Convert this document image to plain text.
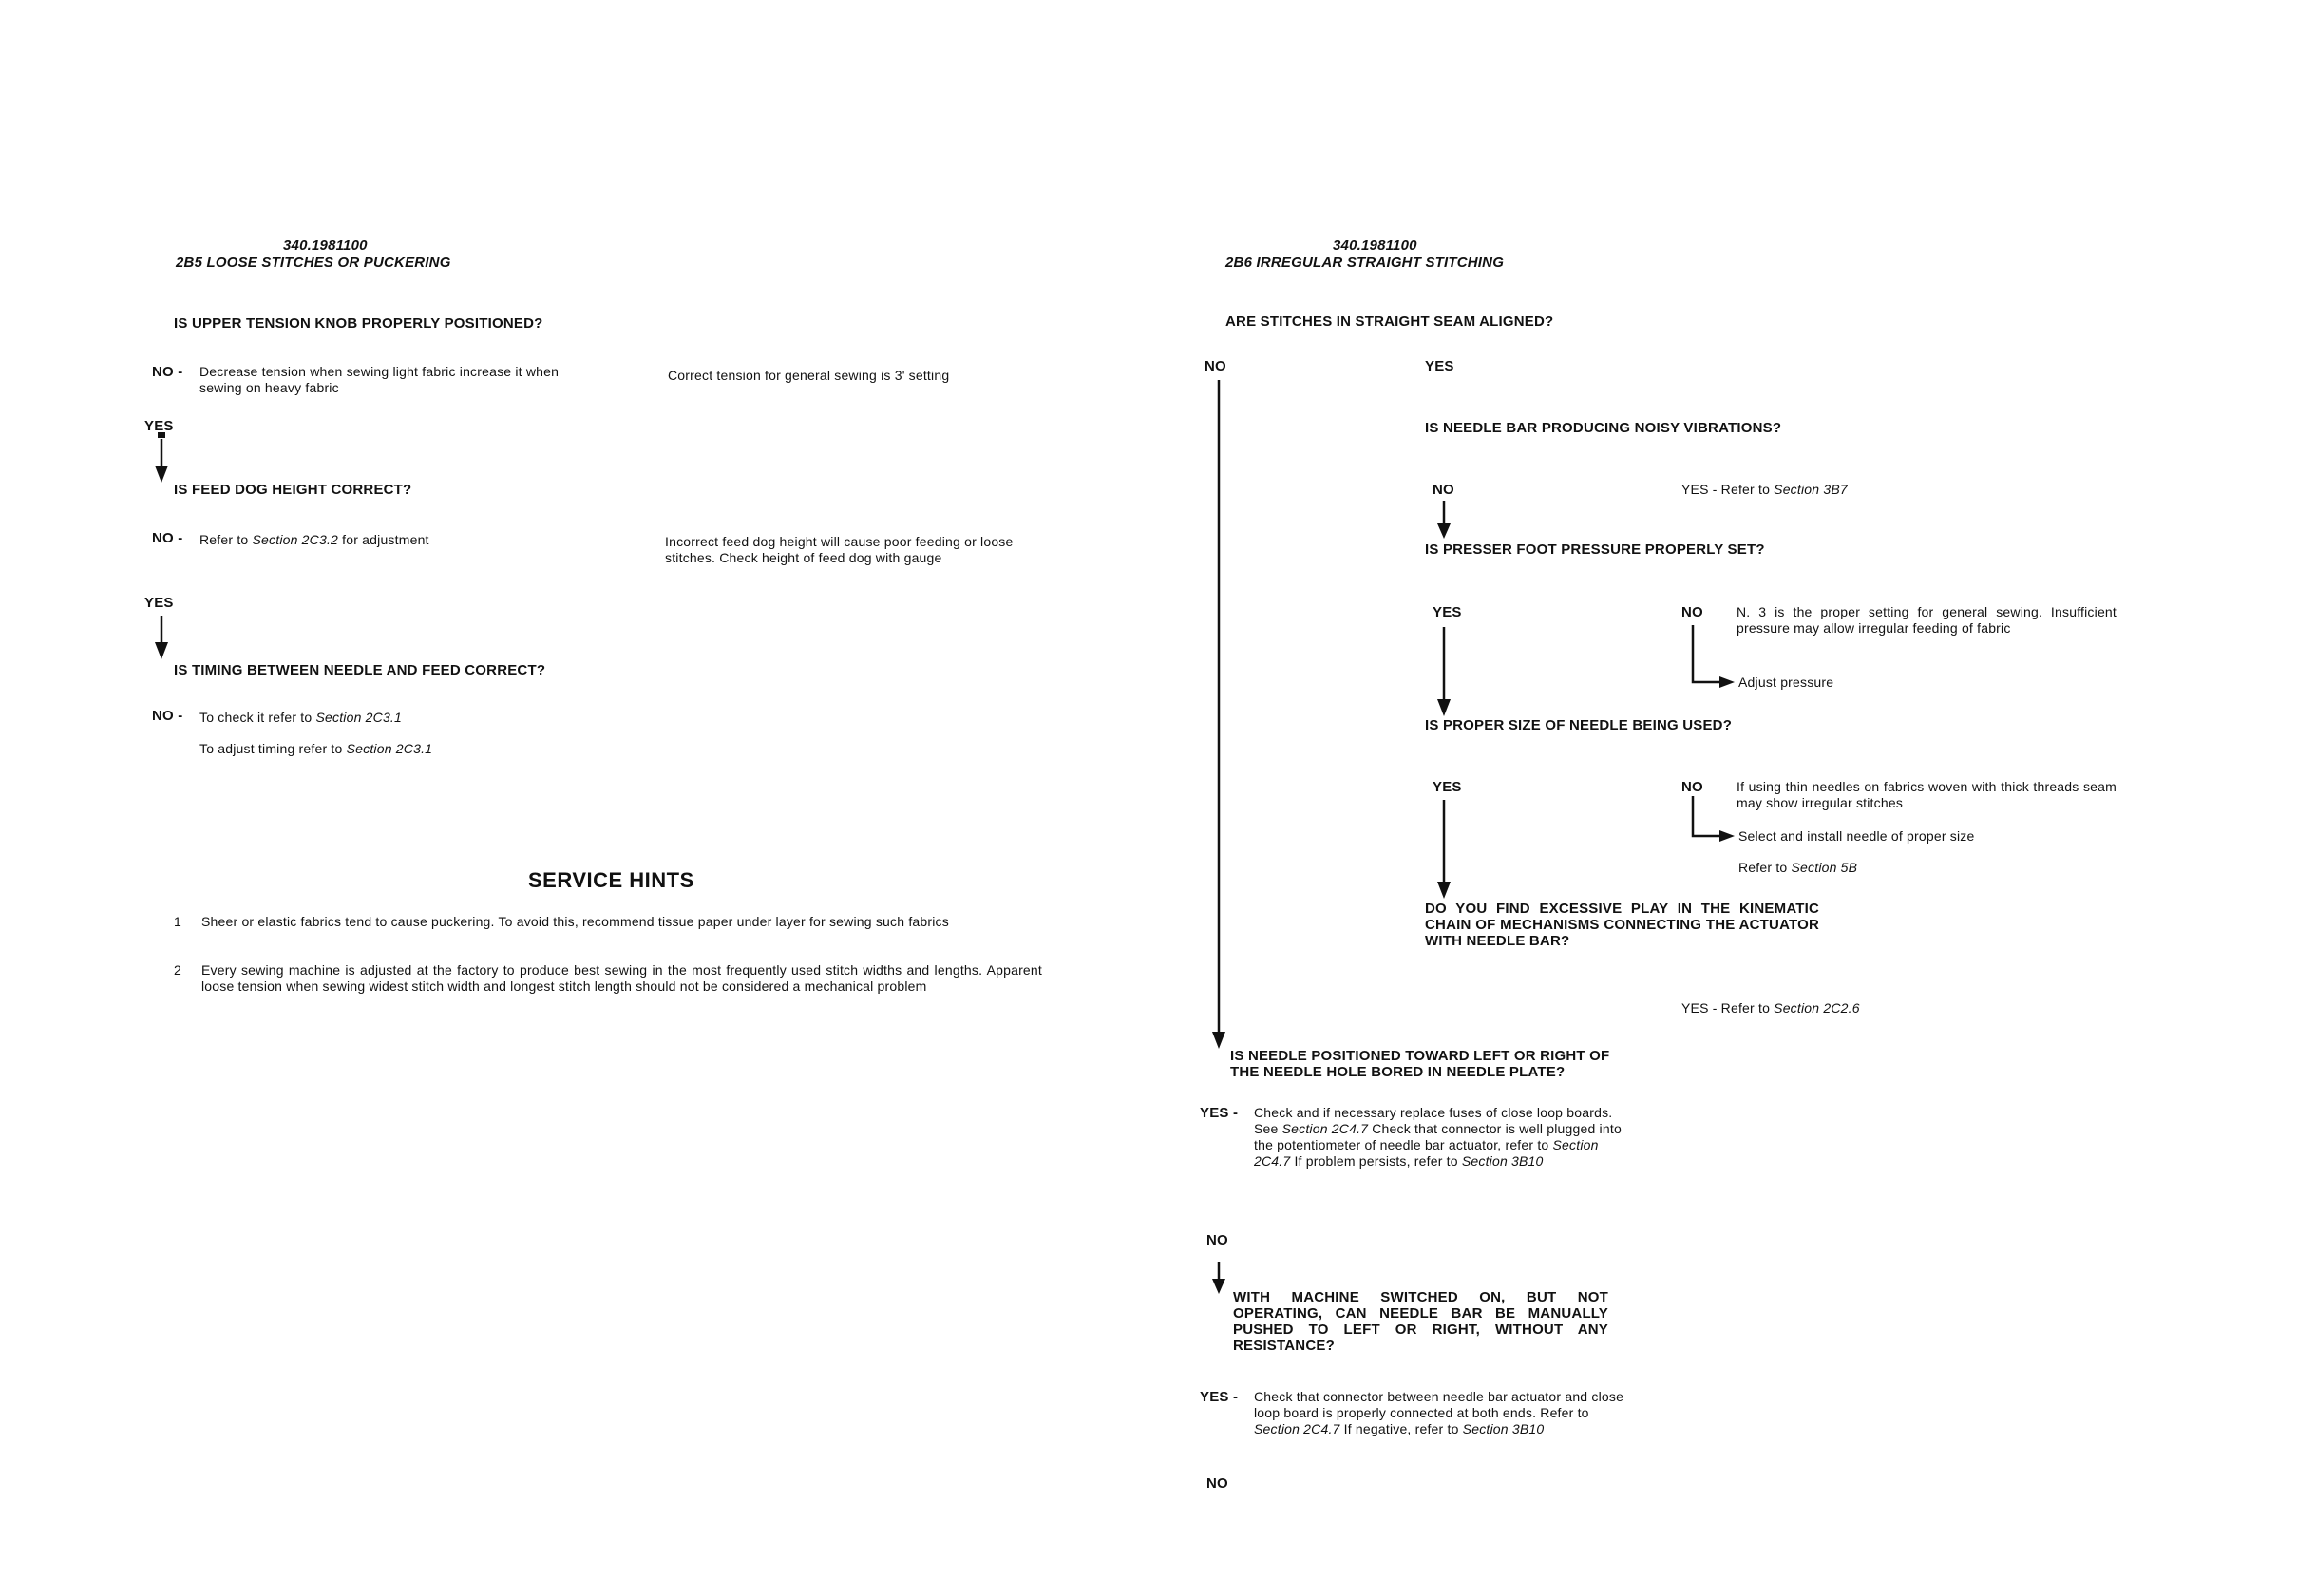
340.1981100
2B5 LOOSE STITCHES OR PUCKERING
IS UPPER TENSION KNOB PROPERLY POSITIONED?
NO - Decrease tension when sewing light fabric increase it when sewing on heavy fabric
Correct tension for general sewing is 3' setting
YES
IS FEED DOG HEIGHT CORRECT?
NO - Refer to Section 2C3.2 for adjustment	Incorrect feed dog height will cause poor feeding or loose stitches. Check height of feed dog with gauge
YES
IS TIMING BETWEEN NEEDLE AND FEED CORRECT?
NO - To check it refer to Section 2C3.1
To adjust timing refer to Section 2C3.1
SERVICE HINTS
1 Sheer or elastic fabrics tend to cause puckering. To avoid this, recommend tissue paper under layer for sewing such fabrics
2 Every sewing machine is adjusted at the factory to produce best sewing in the most frequently used stitch widths and lengths. Apparent loose tension when sewing widest stitch width and longest stitch length should not be considered a mechanical problem
340.1981100
2B6 IRREGULAR STRAIGHT STITCHING
ARE STITCHES IN STRAIGHT SEAM ALIGNED?
NO	YES
IS NEEDLE BAR PRODUCING NOISY VIBRATIONS?
NO	YES - Refer to Section 3B7
IS PRESSER FOOT PRESSURE PROPERLY SET?
YES	NO	N. 3 is the proper setting for general sewing. Insufficient pressure may allow irregular feeding of fabric
Adjust pressure
IS PROPER SIZE OF NEEDLE BEING USED?
YES	NO	If using thin needles on fabrics woven with thick threads seam may show irregular stitches
Select and install needle of proper size
Refer to Section 5B
DO YOU FIND EXCESSIVE PLAY IN THE KINEMATIC CHAIN OF MECHANISMS CONNECTING THE ACTUATOR WITH NEEDLE BAR?
YES - Refer to Section 2C2.6
IS NEEDLE POSITIONED TOWARD LEFT OR RIGHT OF THE NEEDLE HOLE BORED IN NEEDLE PLATE?
YES - Check and if necessary replace fuses of close loop boards. See Section 2C4.7 Check that connector is well plugged into the potentiometer of needle bar actuator, refer to Section 2C4.7 If problem persists, refer to Section 3B10
NO
WITH MACHINE SWITCHED ON, BUT NOT OPERATING, CAN NEEDLE BAR BE MANUALLY PUSHED TO LEFT OR RIGHT, WITHOUT ANY RESISTANCE?
YES - Check that connector between needle bar actuator and close loop board is properly connected at both ends. Refer to Section 2C4.7 If negative, refer to Section 3B10
NO
